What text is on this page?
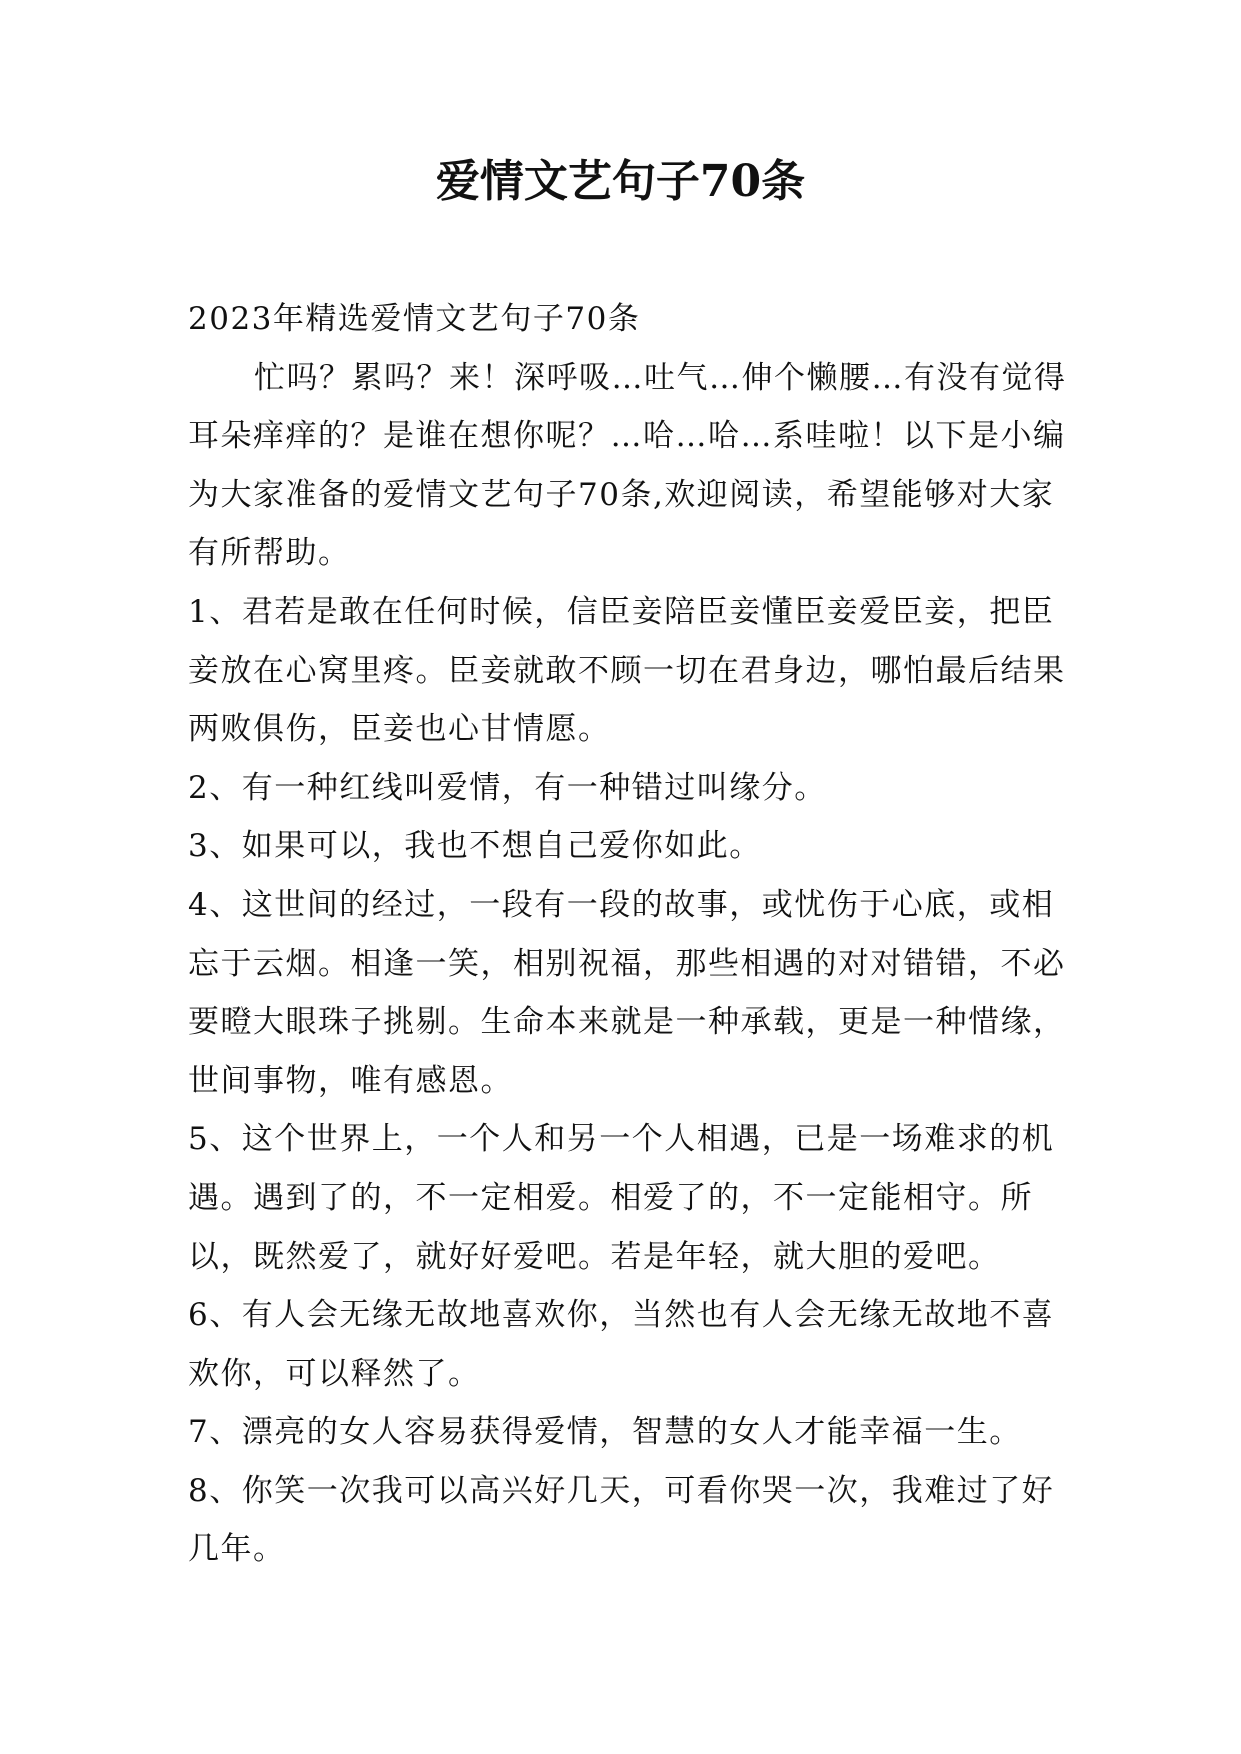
爱情文艺句子70条

2023年精选爱情文艺句子70条

忙吗？累吗？来！深呼吸…吐气…伸个懒腰…有没有觉得耳朵痒痒的？是谁在想你呢？…哈…哈…系哇啦！以下是小编为大家准备的爱情文艺句子70条,欢迎阅读，希望能够对大家有所帮助。

1、君若是敢在任何时候，信臣妾陪臣妾懂臣妾爱臣妾，把臣妾放在心窝里疼。臣妾就敢不顾一切在君身边，哪怕最后结果两败俱伤，臣妾也心甘情愿。

2、有一种红线叫爱情，有一种错过叫缘分。

3、如果可以，我也不想自己爱你如此。

4、这世间的经过，一段有一段的故事，或忧伤于心底，或相忘于云烟。相逢一笑，相别祝福，那些相遇的对对错错，不必要瞪大眼珠子挑剔。生命本来就是一种承载，更是一种惜缘，世间事物，唯有感恩。

5、这个世界上，一个人和另一个人相遇，已是一场难求的机遇。遇到了的，不一定相爱。相爱了的，不一定能相守。所以，既然爱了，就好好爱吧。若是年轻，就大胆的爱吧。

6、有人会无缘无故地喜欢你，当然也有人会无缘无故地不喜欢你，可以释然了。

7、漂亮的女人容易获得爱情，智慧的女人才能幸福一生。

8、你笑一次我可以高兴好几天，可看你哭一次，我难过了好几年。
